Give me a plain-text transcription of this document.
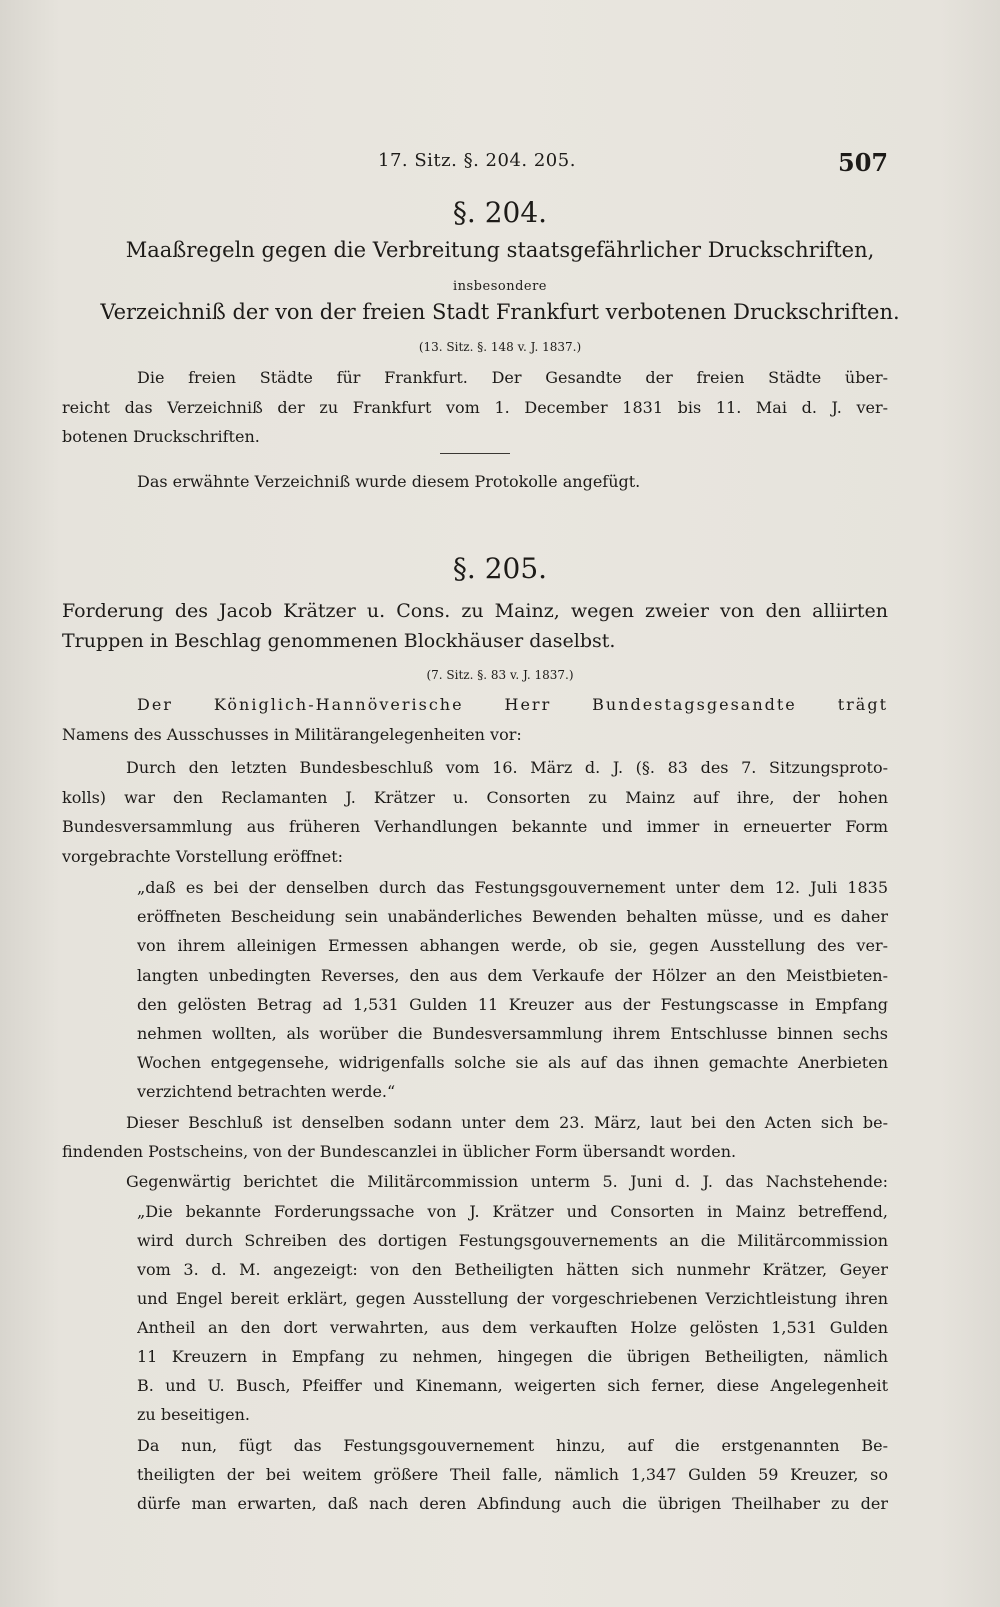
17. Sitz. §. 204. 205.	507
§. 204.
Maaßregeln gegen die Verbreitung staatsgefährlicher Druckschriften,
insbesondere
Verzeichniß der von der freien Stadt Frankfurt verbotenen Druckschriften.
(13. Sitz. §. 148 v. J. 1837.)
Die freien Städte für Frankfurt. Der Gesandte der freien Städte über-
reicht das Verzeichniß der zu Frankfurt vom 1. December 1831 bis 11. Mai d. J. ver-
botenen Druckschriften.
Das erwähnte Verzeichniß wurde diesem Protokolle angefügt.
§. 205.
Forderung des Jacob Krätzer u. Cons. zu Mainz, wegen zweier von den alliirten
Truppen in Beschlag genommenen Blockhäuser daselbst.
(7. Sitz. §. 83 v. J. 1837.)
Der Königlich-Hannöverische Herr Bundestagsgesandte trägt
Namens des Ausschusses in Militärangelegenheiten vor:
Durch den letzten Bundesbeschluß vom 16. März d. J. (§. 83 des 7. Sitzungsproto-
kolls) war den Reclamanten J. Krätzer u. Consorten zu Mainz auf ihre, der hohen
Bundesversammlung aus früheren Verhandlungen bekannte und immer in erneuerter Form
vorgebrachte Vorstellung eröffnet:
„daß es bei der denselben durch das Festungsgouvernement unter dem 12. Juli 1835
eröffneten Bescheidung sein unabänderliches Bewenden behalten müsse, und es daher
von ihrem alleinigen Ermessen abhangen werde, ob sie, gegen Ausstellung des ver-
langten unbedingten Reverses, den aus dem Verkaufe der Hölzer an den Meistbieten-
den gelösten Betrag ad 1,531 Gulden 11 Kreuzer aus der Festungscasse in Empfang
nehmen wollten, als worüber die Bundesversammlung ihrem Entschlusse binnen sechs
Wochen entgegensehe, widrigenfalls solche sie als auf das ihnen gemachte Anerbieten
verzichtend betrachten werde.“
Dieser Beschluß ist denselben sodann unter dem 23. März, laut bei den Acten sich be-
findenden Postscheins, von der Bundescanzlei in üblicher Form übersandt worden.
Gegenwärtig berichtet die Militärcommission unterm 5. Juni d. J. das Nachstehende:
„Die bekannte Forderungssache von J. Krätzer und Consorten in Mainz betreffend,
wird durch Schreiben des dortigen Festungsgouvernements an die Militärcommission
vom 3. d. M. angezeigt: von den Betheiligten hätten sich nunmehr Krätzer, Geyer
und Engel bereit erklärt, gegen Ausstellung der vorgeschriebenen Verzichtleistung ihren
Antheil an den dort verwahrten, aus dem verkauften Holze gelösten 1,531 Gulden
11 Kreuzern in Empfang zu nehmen, hingegen die übrigen Betheiligten, nämlich
B. und U. Busch, Pfeiffer und Kinemann, weigerten sich ferner, diese Angelegenheit
zu beseitigen.
Da nun, fügt das Festungsgouvernement hinzu, auf die erstgenannten Be-
theiligten der bei weitem größere Theil falle, nämlich 1,347 Gulden 59 Kreuzer, so
dürfe man erwarten, daß nach deren Abfindung auch die übrigen Theilhaber zu der
